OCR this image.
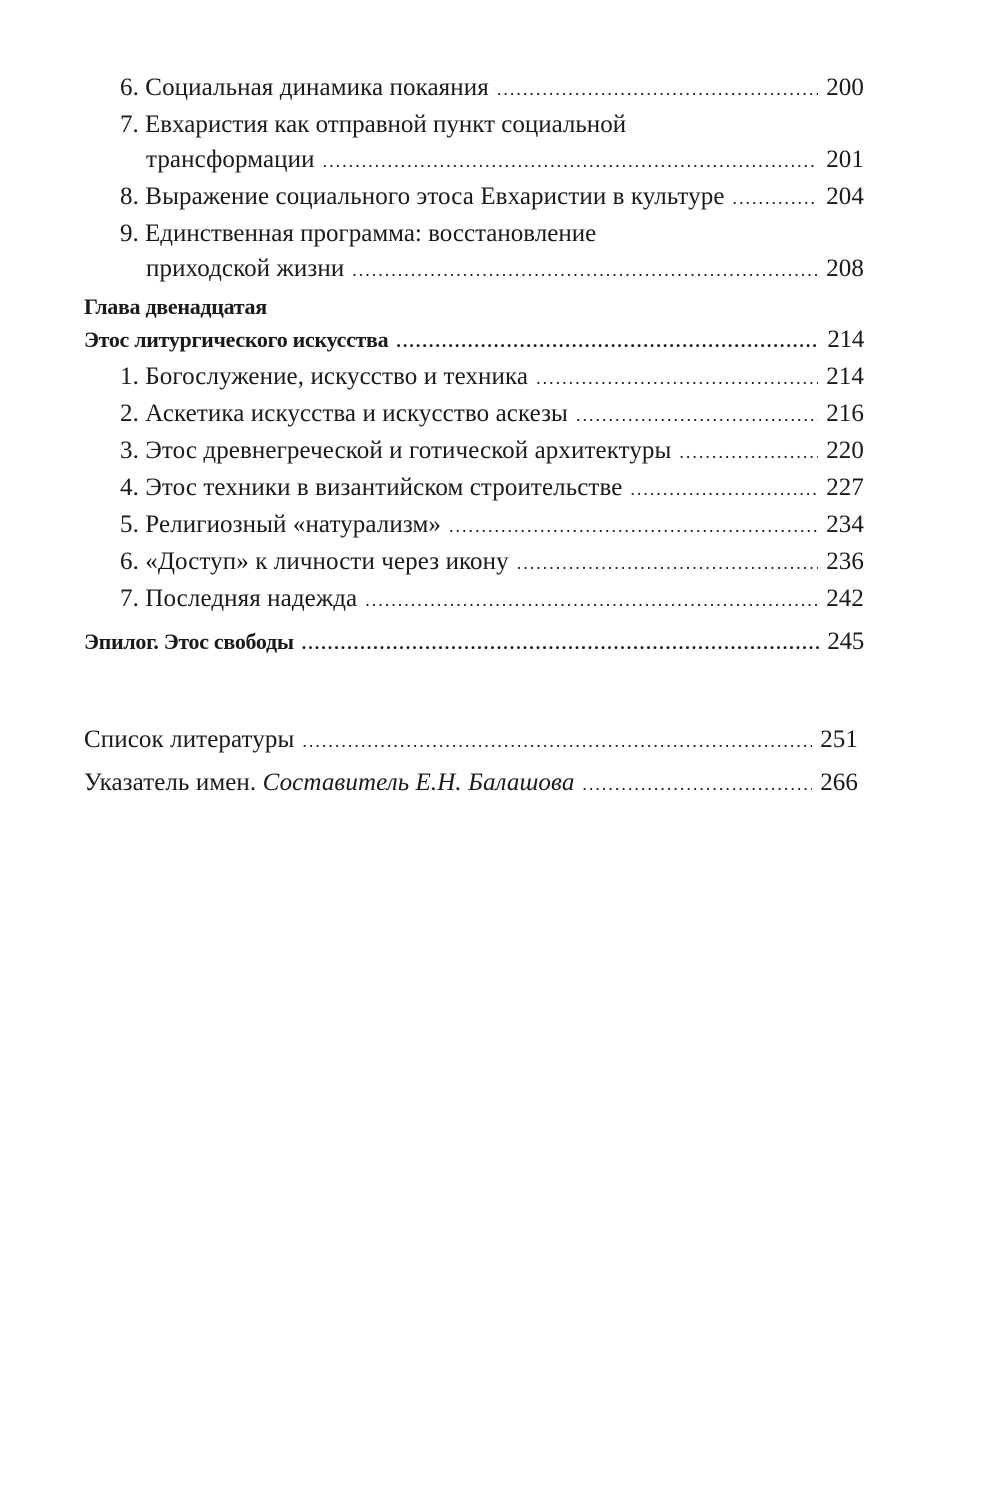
6. Социальная динамика покаяния .....	200
7. Евхаристия как отправной пункт социальной
трансформации .....	201
8. Выражение социального этоса Евхаристии в культуре .....	204
9. Единственная программа: восстановление
приходской жизни .....	208
Глава двенадцатая
Этос литургического искусства .....	214
1. Богослужение, искусство и техника .....	214
2. Аскетика искусства и искусство аскезы .....	216
3. Этос древнегреческой и готической архитектуры .....	220
4. Этос техники в византийском строительстве .....	227
5. Религиозный «натурализм» .....	234
6. «Доступ» к личности через икону .....	236
7. Последняя надежда .....	242
Эпилог. Этос свободы .....	245
Список литературы .....	251
Указатель имен. Составитель Е.Н. Балашова .....	266
